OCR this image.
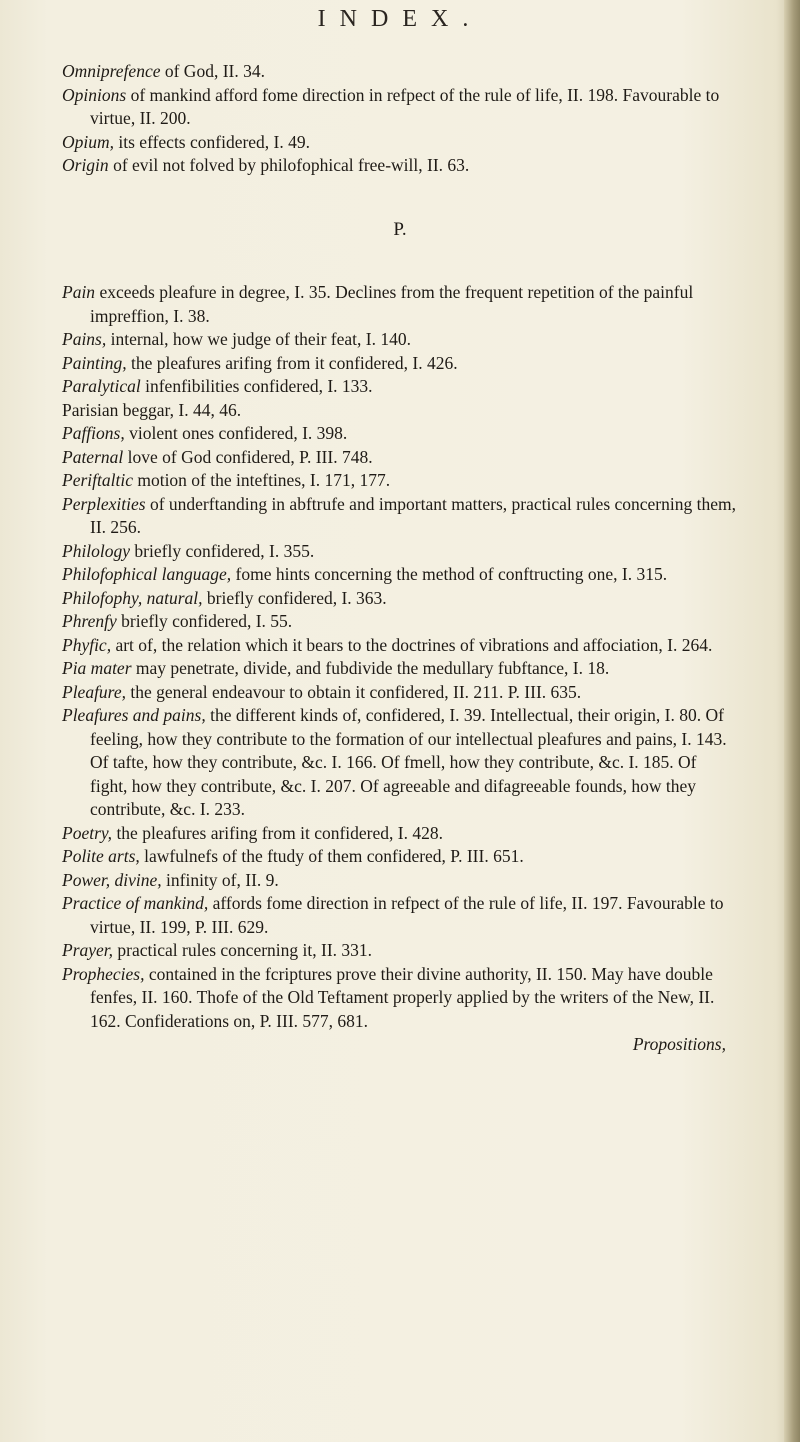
INDEX.

Omniprefence of God, II. 34.

Opinions of mankind afford fome direction in refpect of the rule of life, II. 198. Favourable to virtue, II. 200.

Opium, its effects confidered, I. 49.

Origin of evil not folved by philofophical free-will, II. 63.

P.

Pain exceeds pleafure in degree, I. 35. Declines from the frequent repetition of the painful impreffion, I. 38.

Pains, internal, how we judge of their feat, I. 140.

Painting, the pleafures arifing from it confidered, I. 426.

Paralytical infenfibilities confidered, I. 133.

Parisian beggar, I. 44, 46.

Paffions, violent ones confidered, I. 398.

Paternal love of God confidered, P. III. 748.

Periftaltic motion of the inteftines, I. 171, 177.

Perplexities of underftanding in abftrufe and important matters, practical rules concerning them, II. 256.

Philology briefly confidered, I. 355.

Philofophical language, fome hints concerning the method of conftructing one, I. 315.

Philofophy, natural, briefly confidered, I. 363.

Phrenfy briefly confidered, I. 55.

Phyfic, art of, the relation which it bears to the doctrines of vibrations and affociation, I. 264.

Pia mater may penetrate, divide, and fubdivide the medullary fubftance, I. 18.

Pleafure, the general endeavour to obtain it confidered, II. 211. P. III. 635.

Pleafures and pains, the different kinds of, confidered, I. 39. Intellectual, their origin, I. 80. Of feeling, how they contribute to the formation of our intellectual pleafures and pains, I. 143. Of tafte, how they contribute, &c. I. 166. Of fmell, how they contribute, &c. I. 185. Of fight, how they contribute, &c. I. 207. Of agreeable and difagreeable founds, how they contribute, &c. I. 233.

Poetry, the pleafures arifing from it confidered, I. 428.

Polite arts, lawfulnefs of the ftudy of them confidered, P. III. 651.

Power, divine, infinity of, II. 9.

Practice of mankind, affords fome direction in refpect of the rule of life, II. 197. Favourable to virtue, II. 199, P. III. 629.

Prayer, practical rules concerning it, II. 331.

Prophecies, contained in the fcriptures prove their divine authority, II. 150. May have double fenfes, II. 160. Thofe of the Old Teftament properly applied by the writers of the New, II. 162. Confiderations on, P. III. 577, 681.

Propositions,
